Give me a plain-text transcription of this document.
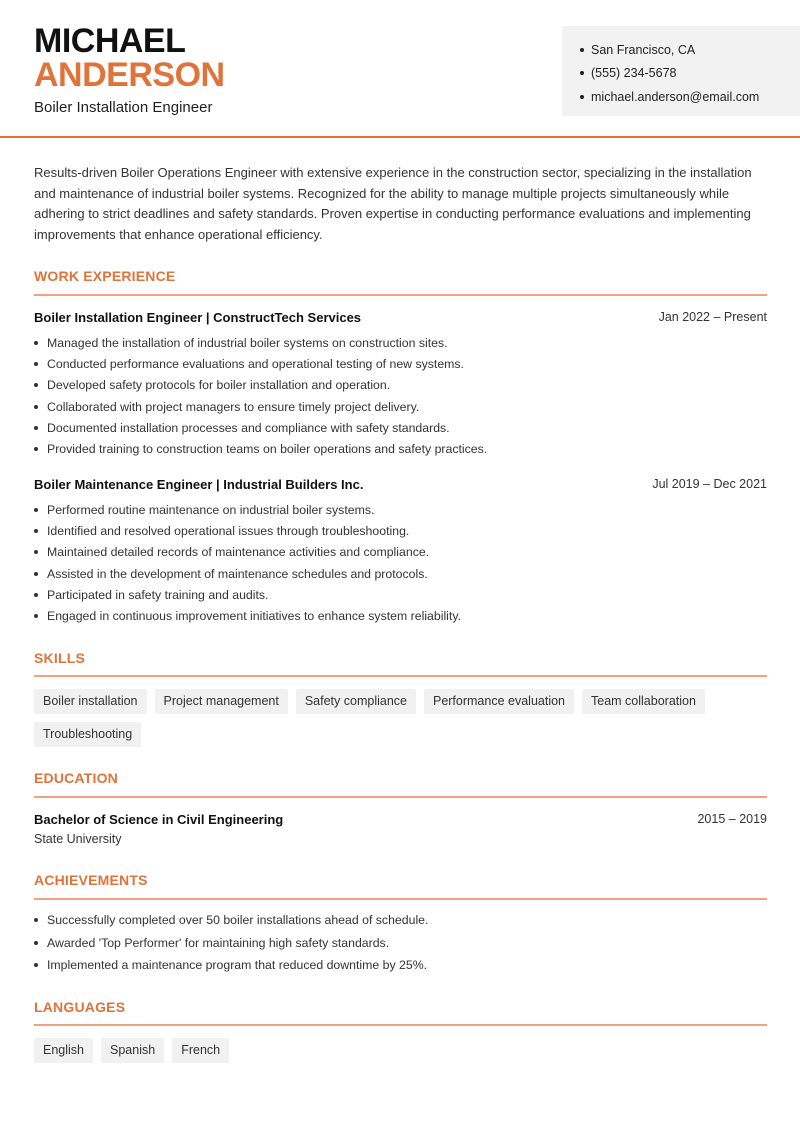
MICHAEL
ANDERSON
Boiler Installation Engineer
San Francisco, CA
(555) 234-5678
michael.anderson@email.com

Results-driven Boiler Operations Engineer with extensive experience in the construction sector, specializing in the installation and maintenance of industrial boiler systems. Recognized for the ability to manage multiple projects simultaneously while adhering to strict deadlines and safety standards. Proven expertise in conducting performance evaluations and implementing improvements that enhance operational efficiency.

WORK EXPERIENCE
Boiler Installation Engineer | ConstructTech Services	Jan 2022 – Present
Managed the installation of industrial boiler systems on construction sites.
Conducted performance evaluations and operational testing of new systems.
Developed safety protocols for boiler installation and operation.
Collaborated with project managers to ensure timely project delivery.
Documented installation processes and compliance with safety standards.
Provided training to construction teams on boiler operations and safety practices.
Boiler Maintenance Engineer | Industrial Builders Inc.	Jul 2019 – Dec 2021
Performed routine maintenance on industrial boiler systems.
Identified and resolved operational issues through troubleshooting.
Maintained detailed records of maintenance activities and compliance.
Assisted in the development of maintenance schedules and protocols.
Participated in safety training and audits.
Engaged in continuous improvement initiatives to enhance system reliability.
SKILLS
Boiler installation	Project management	Safety compliance	Performance evaluation	Team collaboration
Troubleshooting
EDUCATION
Bachelor of Science in Civil Engineering	2015 – 2019
State University
ACHIEVEMENTS
Successfully completed over 50 boiler installations ahead of schedule.
Awarded 'Top Performer' for maintaining high safety standards.
Implemented a maintenance program that reduced downtime by 25%.
LANGUAGES
English	Spanish	French
